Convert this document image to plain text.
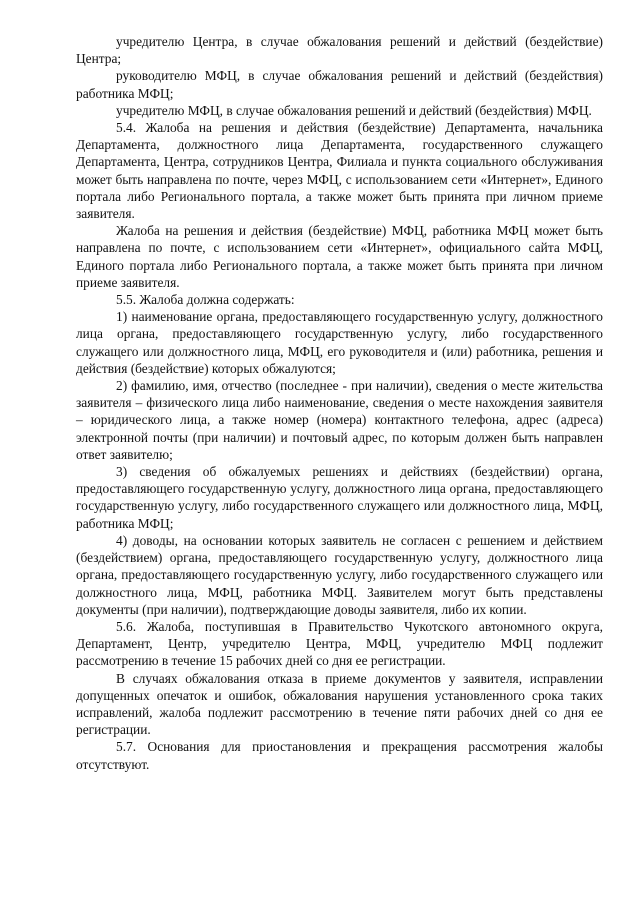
учредителю Центра, в случае обжалования решений и действий (бездействие) Центра;

руководителю МФЦ, в случае обжалования решений и действий (бездействия) работника МФЦ;

учредителю МФЦ, в случае обжалования решений и действий (бездействия) МФЦ.

5.4. Жалоба на решения и действия (бездействие) Департамента, начальника Департамента, должностного лица Департамента, государственного служащего Департамента, Центра, сотрудников Центра, Филиала и пункта социального обслуживания может быть направлена по почте, через МФЦ, с использованием сети «Интернет», Единого портала либо Регионального портала, а также может быть принята при личном приеме заявителя.

Жалоба на решения и действия (бездействие) МФЦ, работника МФЦ может быть направлена по почте, с использованием сети «Интернет», официального сайта МФЦ, Единого портала либо Регионального портала, а также может быть принята при личном приеме заявителя.

5.5. Жалоба должна содержать:

1) наименование органа, предоставляющего государственную услугу, должностного лица органа, предоставляющего государственную услугу, либо государственного служащего или должностного лица, МФЦ, его руководителя и (или) работника, решения и действия (бездействие) которых обжалуются;

2) фамилию, имя, отчество (последнее - при наличии), сведения о месте жительства заявителя – физического лица либо наименование, сведения о месте нахождения заявителя – юридического лица, а также номер (номера) контактного телефона, адрес (адреса) электронной почты (при наличии) и почтовый адрес, по которым должен быть направлен ответ заявителю;

3) сведения об обжалуемых решениях и действиях (бездействии) органа, предоставляющего государственную услугу, должностного лица органа, предоставляющего государственную услугу, либо государственного служащего или должностного лица, МФЦ, работника МФЦ;

4) доводы, на основании которых заявитель не согласен с решением и действием (бездействием) органа, предоставляющего государственную услугу, должностного лица органа, предоставляющего государственную услугу, либо государственного служащего или должностного лица, МФЦ, работника МФЦ. Заявителем могут быть представлены документы (при наличии), подтверждающие доводы заявителя, либо их копии.

5.6. Жалоба, поступившая в Правительство Чукотского автономного округа, Департамент, Центр, учредителю Центра, МФЦ, учредителю МФЦ подлежит рассмотрению в течение 15 рабочих дней со дня ее регистрации.

В случаях обжалования отказа в приеме документов у заявителя, исправлении допущенных опечаток и ошибок, обжалования нарушения установленного срока таких исправлений, жалоба подлежит рассмотрению в течение пяти рабочих дней со дня ее регистрации.

5.7. Основания для приостановления и прекращения рассмотрения жалобы отсутствуют.
